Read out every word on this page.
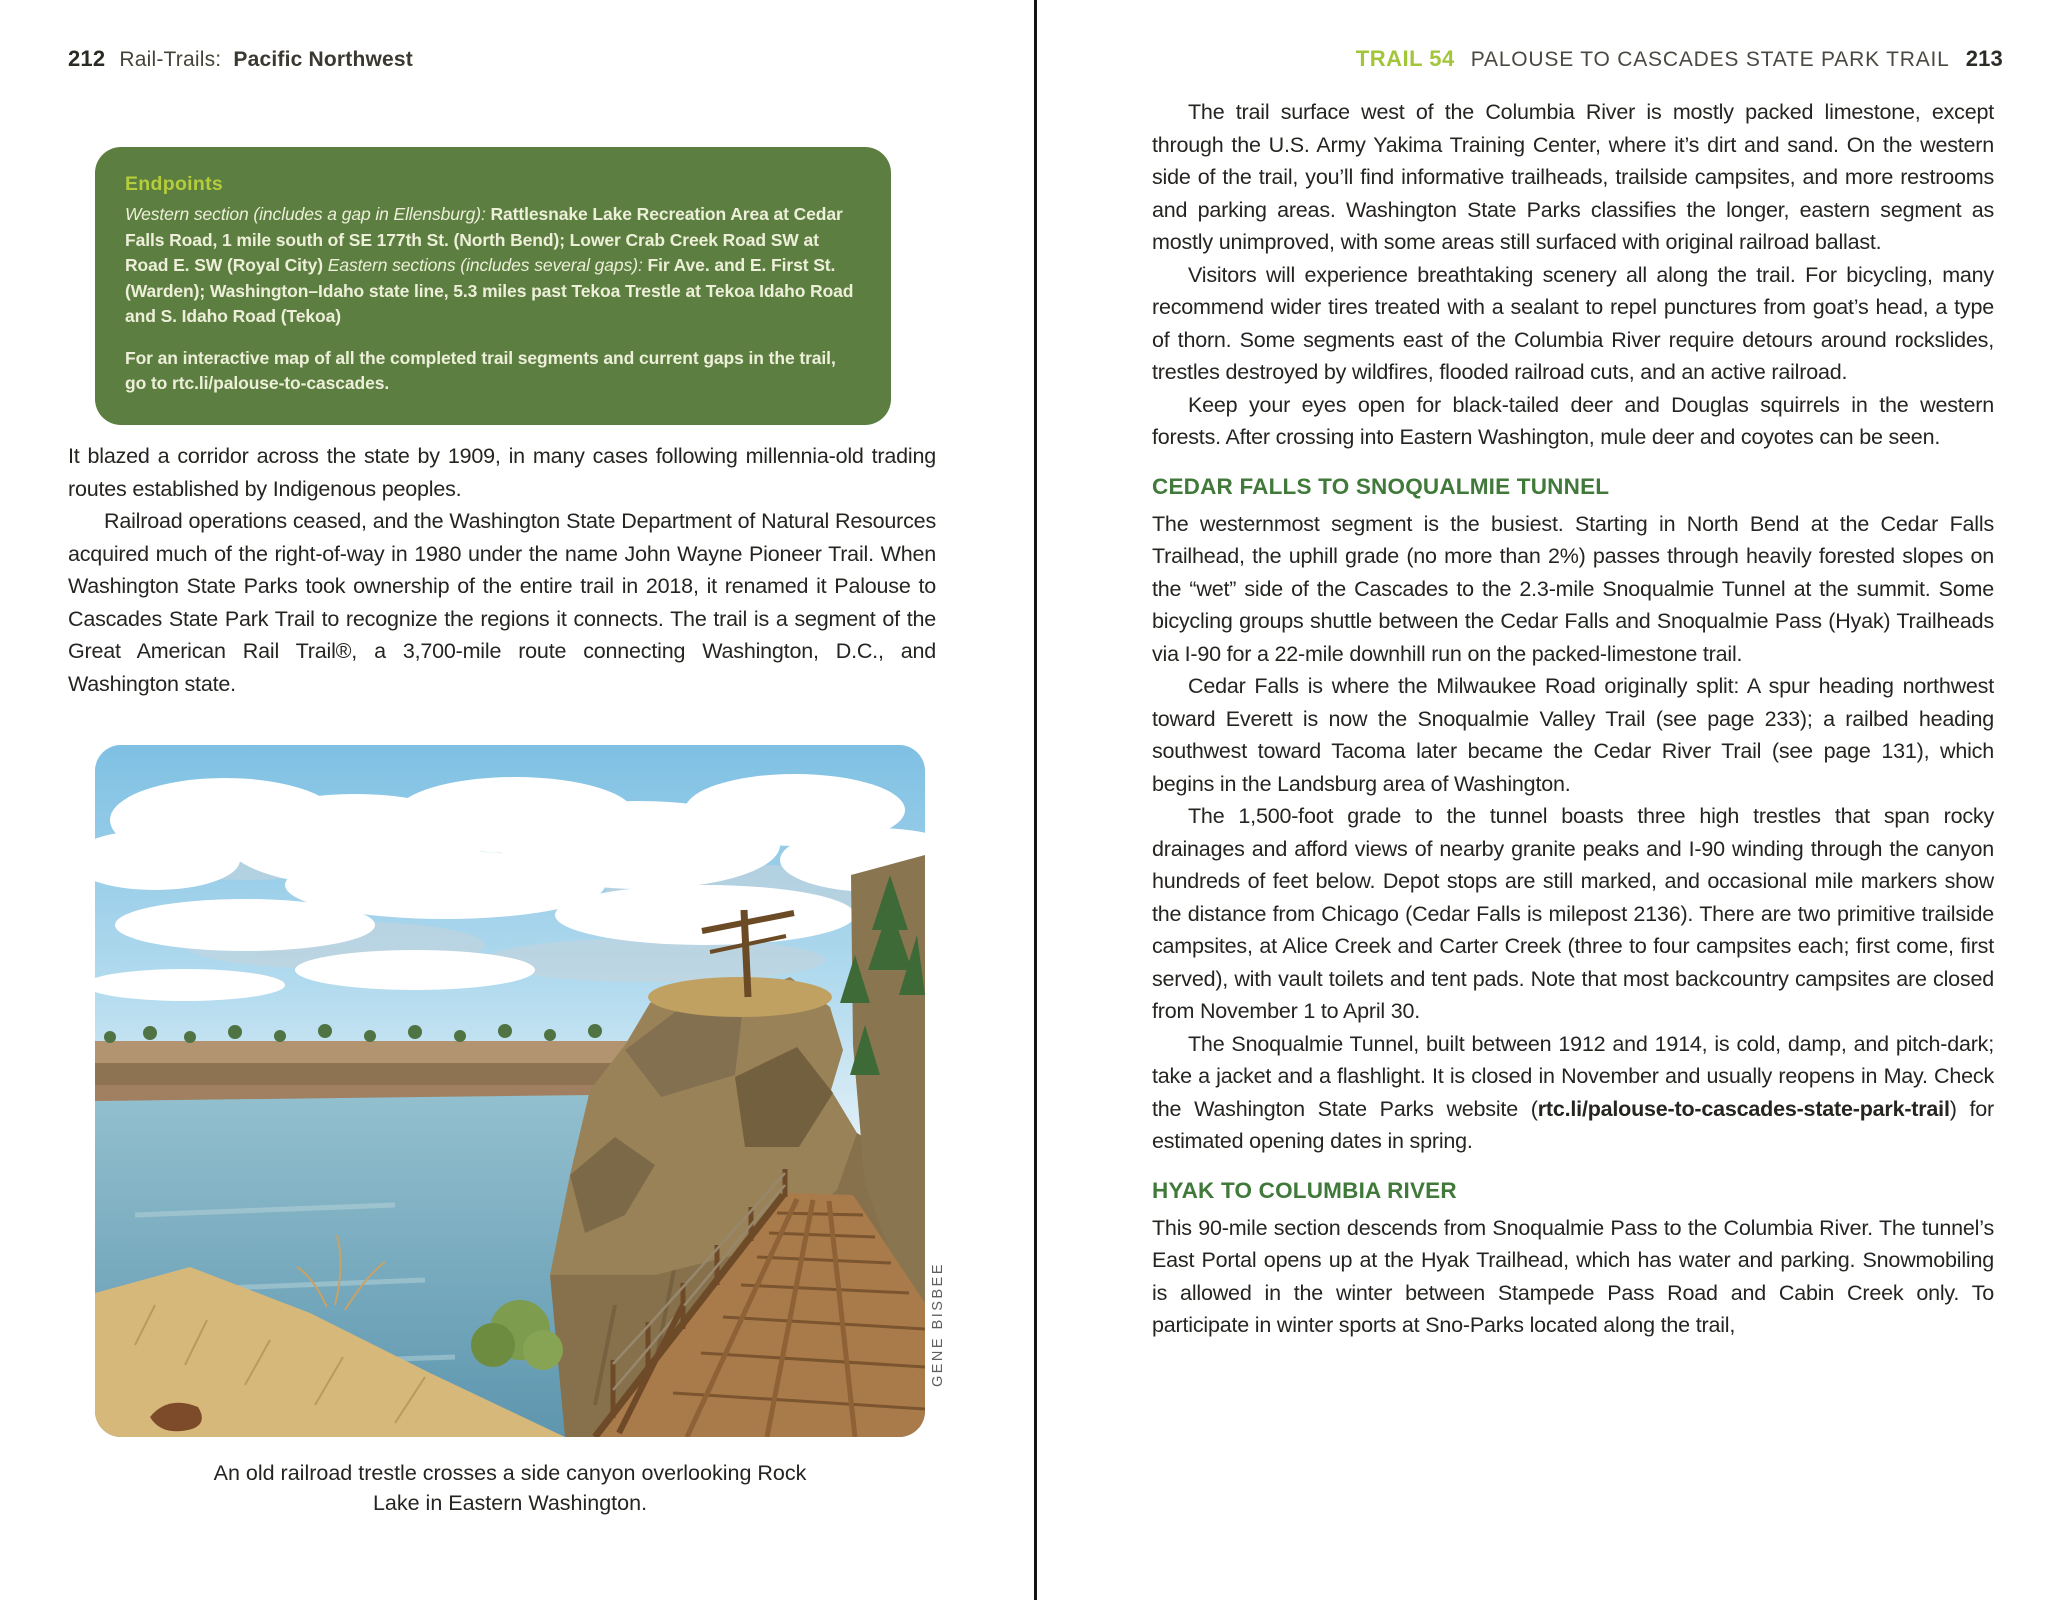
212 Rail-Trails: Pacific Northwest	TRAIL 54 PALOUSE TO CASCADES STATE PARK TRAIL 213

Endpoints

Western section (includes a gap in Ellensburg): Rattlesnake Lake Recreation Area at Cedar Falls Road, 1 mile south of SE 177th St. (North Bend); Lower Crab Creek Road SW at Road E. SW (Royal City) Eastern sections (includes several gaps): Fir Ave. and E. First St. (Warden); Washington–Idaho state line, 5.3 miles past Tekoa Trestle at Tekoa Idaho Road and S. Idaho Road (Tekoa)

For an interactive map of all the completed trail segments and current gaps in the trail, go to rtc.li/palouse-to-cascades.

It blazed a corridor across the state by 1909, in many cases following millennia-old trading routes established by Indigenous peoples.

Railroad operations ceased, and the Washington State Department of Natural Resources acquired much of the right-of-way in 1980 under the name John Wayne Pioneer Trail. When Washington State Parks took ownership of the entire trail in 2018, it renamed it Palouse to Cascades State Park Trail to recognize the regions it connects. The trail is a segment of the Great American Rail Trail®, a 3,700-mile route connecting Washington, D.C., and Washington state.

GENE BISBEE
An old railroad trestle crosses a side canyon overlooking Rock Lake in Eastern Washington.

The trail surface west of the Columbia River is mostly packed limestone, except through the U.S. Army Yakima Training Center, where it’s dirt and sand. On the western side of the trail, you’ll find informative trailheads, trailside campsites, and more restrooms and parking areas. Washington State Parks classifies the longer, eastern segment as mostly unimproved, with some areas still surfaced with original railroad ballast.

Visitors will experience breathtaking scenery all along the trail. For bicycling, many recommend wider tires treated with a sealant to repel punctures from goat’s head, a type of thorn. Some segments east of the Columbia River require detours around rockslides, trestles destroyed by wildfires, flooded railroad cuts, and an active railroad.

Keep your eyes open for black-tailed deer and Douglas squirrels in the western forests. After crossing into Eastern Washington, mule deer and coyotes can be seen.

CEDAR FALLS TO SNOQUALMIE TUNNEL

The westernmost segment is the busiest. Starting in North Bend at the Cedar Falls Trailhead, the uphill grade (no more than 2%) passes through heavily forested slopes on the “wet” side of the Cascades to the 2.3-mile Snoqualmie Tunnel at the summit. Some bicycling groups shuttle between the Cedar Falls and Snoqualmie Pass (Hyak) Trailheads via I-90 for a 22-mile downhill run on the packed-limestone trail.

Cedar Falls is where the Milwaukee Road originally split: A spur heading northwest toward Everett is now the Snoqualmie Valley Trail (see page 233); a railbed heading southwest toward Tacoma later became the Cedar River Trail (see page 131), which begins in the Landsburg area of Washington.

The 1,500-foot grade to the tunnel boasts three high trestles that span rocky drainages and afford views of nearby granite peaks and I-90 winding through the canyon hundreds of feet below. Depot stops are still marked, and occasional mile markers show the distance from Chicago (Cedar Falls is milepost 2136). There are two primitive trailside campsites, at Alice Creek and Carter Creek (three to four campsites each; first come, first served), with vault toilets and tent pads. Note that most backcountry campsites are closed from November 1 to April 30.

The Snoqualmie Tunnel, built between 1912 and 1914, is cold, damp, and pitch-dark; take a jacket and a flashlight. It is closed in November and usually reopens in May. Check the Washington State Parks website (rtc.li/palouse-to-cascades-state-park-trail) for estimated opening dates in spring.

HYAK TO COLUMBIA RIVER

This 90-mile section descends from Snoqualmie Pass to the Columbia River. The tunnel’s East Portal opens up at the Hyak Trailhead, which has water and parking. Snowmobiling is allowed in the winter between Stampede Pass Road and Cabin Creek only. To participate in winter sports at Sno-Parks located along the trail,
